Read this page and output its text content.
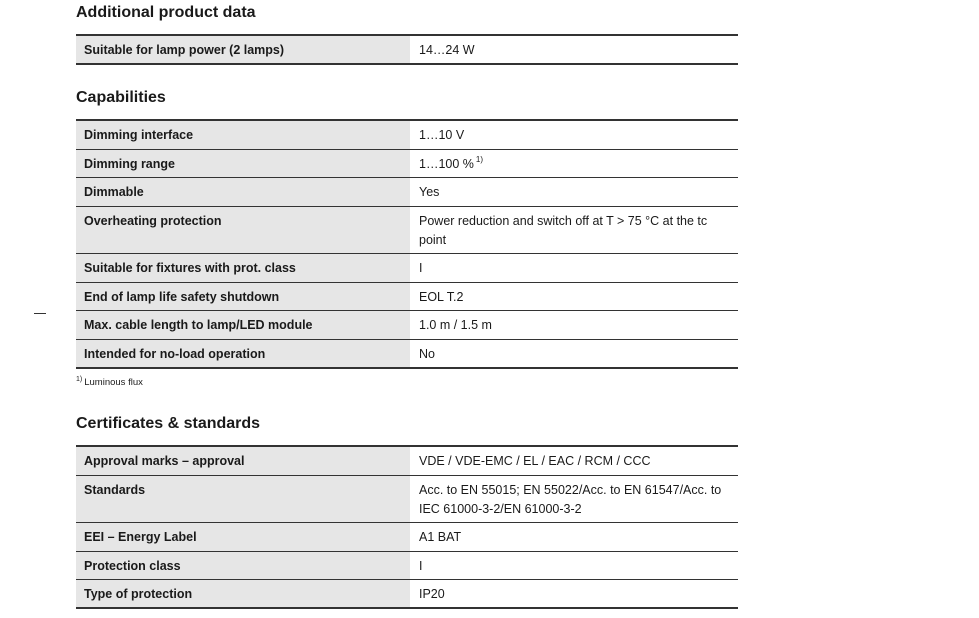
Additional product data
Suitable for lamp power (2 lamps)	14…24 W
Capabilities
Dimming interface	1…10 V
Dimming range	1…100 % $^{1)}$
Dimmable	Yes
Overheating protection	Power reduction and switch off at T > 75 °C at the tc point
Suitable for fixtures with prot. class	I
End of lamp life safety shutdown	EOL T.2
Max. cable length to lamp/LED module	1.0 m / 1.5 m
Intended for no-load operation	No

$^{1)}$ Luminous flux

Certificates & standards
Approval marks – approval	VDE / VDE-EMC / EL / EAC / RCM / CCC
Standards	Acc. to EN 55015; EN 55022/Acc. to EN 61547/Acc. to IEC 61000-3-2/EN 61000-3-2
EEI – Energy Label	A1 BAT
Protection class	I
Type of protection	IP20
